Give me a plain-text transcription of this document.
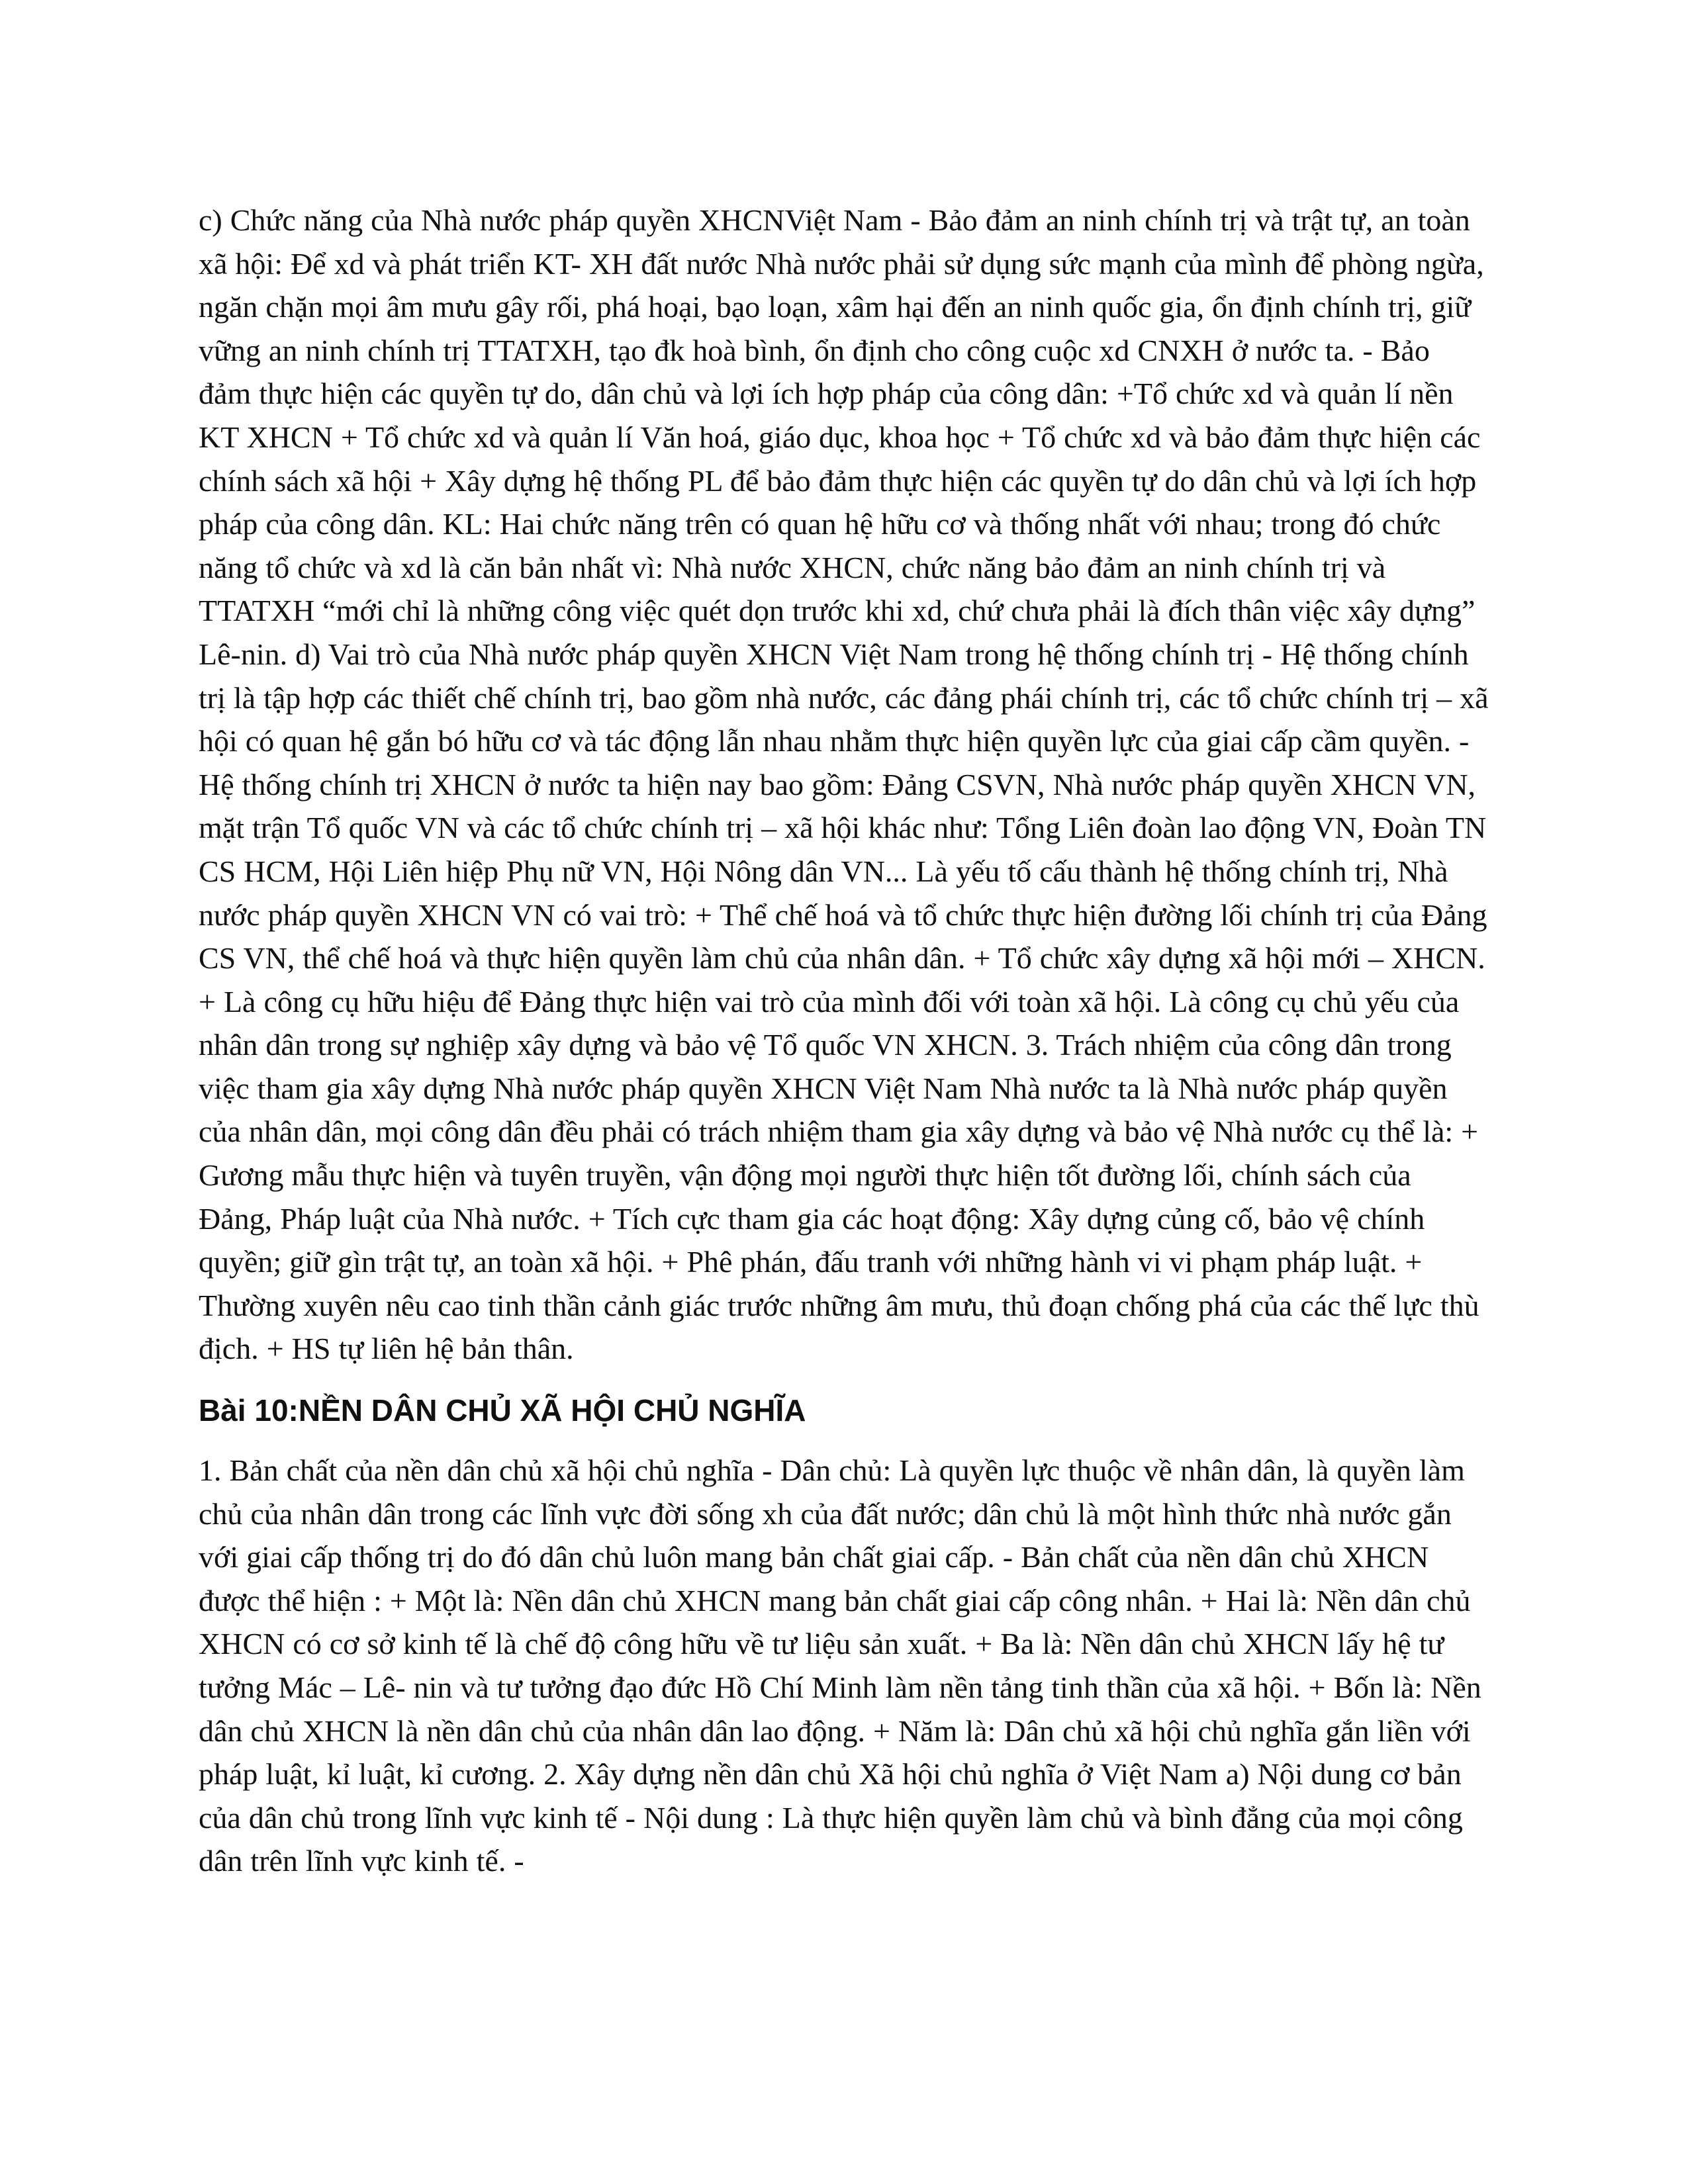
c) Chức năng của Nhà nước pháp quyền XHCNViệt Nam - Bảo đảm an ninh chính trị và trật tự, an toàn xã hội: Để xd và phát triển KT- XH đất nước Nhà nước phải sử dụng sức mạnh của mình để phòng ngừa, ngăn chặn mọi âm mưu gây rối, phá hoại, bạo loạn, xâm hại đến an ninh quốc gia, ổn định chính trị, giữ vững an ninh chính trị TTATXH, tạo đk hoà bình, ổn định cho công cuộc xd CNXH ở nước ta. - Bảo đảm thực hiện các quyền tự do, dân chủ và lợi ích hợp pháp của công dân: +Tổ chức xd và quản lí nền KT XHCN + Tổ chức xd và quản lí Văn hoá, giáo dục, khoa học + Tổ chức xd và bảo đảm thực hiện các chính sách xã hội + Xây dựng hệ thống PL để bảo đảm thực hiện các quyền tự do dân chủ và lợi ích hợp pháp của công dân. KL: Hai chức năng trên có quan hệ hữu cơ và thống nhất với nhau; trong đó chức năng tổ chức và xd là căn bản nhất vì: Nhà nước XHCN, chức năng bảo đảm an ninh chính trị và TTATXH “mới chỉ là những công việc quét dọn trước khi xd, chứ chưa phải là đích thân việc xây dựng” Lê-nin. d) Vai trò của Nhà nước pháp quyền XHCN Việt Nam trong hệ thống chính trị - Hệ thống chính trị là tập hợp các thiết chế chính trị, bao gồm nhà nước, các đảng phái chính trị, các tổ chức chính trị – xã hội có quan hệ gắn bó hữu cơ và tác động lẫn nhau nhằm thực hiện quyền lực của giai cấp cầm quyền. - Hệ thống chính trị XHCN ở nước ta hiện nay bao gồm: Đảng CSVN, Nhà nước pháp quyền XHCN VN, mặt trận Tổ quốc VN và các tổ chức chính trị – xã hội khác như: Tổng Liên đoàn lao động VN, Đoàn TN CS HCM, Hội Liên hiệp Phụ nữ VN, Hội Nông dân VN... Là yếu tố cấu thành hệ thống chính trị, Nhà nước pháp quyền XHCN VN có vai trò: + Thể chế hoá và tổ chức thực hiện đường lối chính trị của Đảng CS VN, thể chế hoá và thực hiện quyền làm chủ của nhân dân. + Tổ chức xây dựng xã hội mới – XHCN. + Là công cụ hữu hiệu để Đảng thực hiện vai trò của mình đối với toàn xã hội. Là công cụ chủ yếu của nhân dân trong sự nghiệp xây dựng và bảo vệ Tổ quốc VN XHCN. 3. Trách nhiệm của công dân trong việc tham gia xây dựng Nhà nước pháp quyền XHCN Việt Nam Nhà nước ta là Nhà nước pháp quyền của nhân dân, mọi công dân đều phải có trách nhiệm tham gia xây dựng và bảo vệ Nhà nước cụ thể là: + Gương mẫu thực hiện và tuyên truyền, vận động mọi người thực hiện tốt đường lối, chính sách của Đảng, Pháp luật của Nhà nước. + Tích cực tham gia các hoạt động: Xây dựng củng cố, bảo vệ chính quyền; giữ gìn trật tự, an toàn xã hội. + Phê phán, đấu tranh với những hành vi vi phạm pháp luật. + Thường xuyên nêu cao tinh thần cảnh giác trước những âm mưu, thủ đoạn chống phá của các thế lực thù địch. + HS tự liên hệ bản thân.

Bài 10:NỀN DÂN CHỦ XÃ HỘI CHỦ NGHĨA

1. Bản chất của nền dân chủ xã hội chủ nghĩa - Dân chủ: Là quyền lực thuộc về nhân dân, là quyền làm chủ của nhân dân trong các lĩnh vực đời sống xh của đất nước; dân chủ là một hình thức nhà nước gắn với giai cấp thống trị do đó dân chủ luôn mang bản chất giai cấp. - Bản chất của nền dân chủ XHCN được thể hiện : + Một là: Nền dân chủ XHCN mang bản chất giai cấp công nhân. + Hai là: Nền dân chủ XHCN có cơ sở kinh tế là chế độ công hữu về tư liệu sản xuất. + Ba là: Nền dân chủ XHCN lấy hệ tư tưởng Mác – Lê- nin và tư tưởng đạo đức Hồ Chí Minh làm nền tảng tinh thần của xã hội. + Bốn là: Nền dân chủ XHCN là nền dân chủ của nhân dân lao động. + Năm là: Dân chủ xã hội chủ nghĩa gắn liền với pháp luật, kỉ luật, kỉ cương. 2. Xây dựng nền dân chủ Xã hội chủ nghĩa ở Việt Nam a) Nội dung cơ bản của dân chủ trong lĩnh vực kinh tế - Nội dung : Là thực hiện quyền làm chủ và bình đẳng của mọi công dân trên lĩnh vực kinh tế. -
